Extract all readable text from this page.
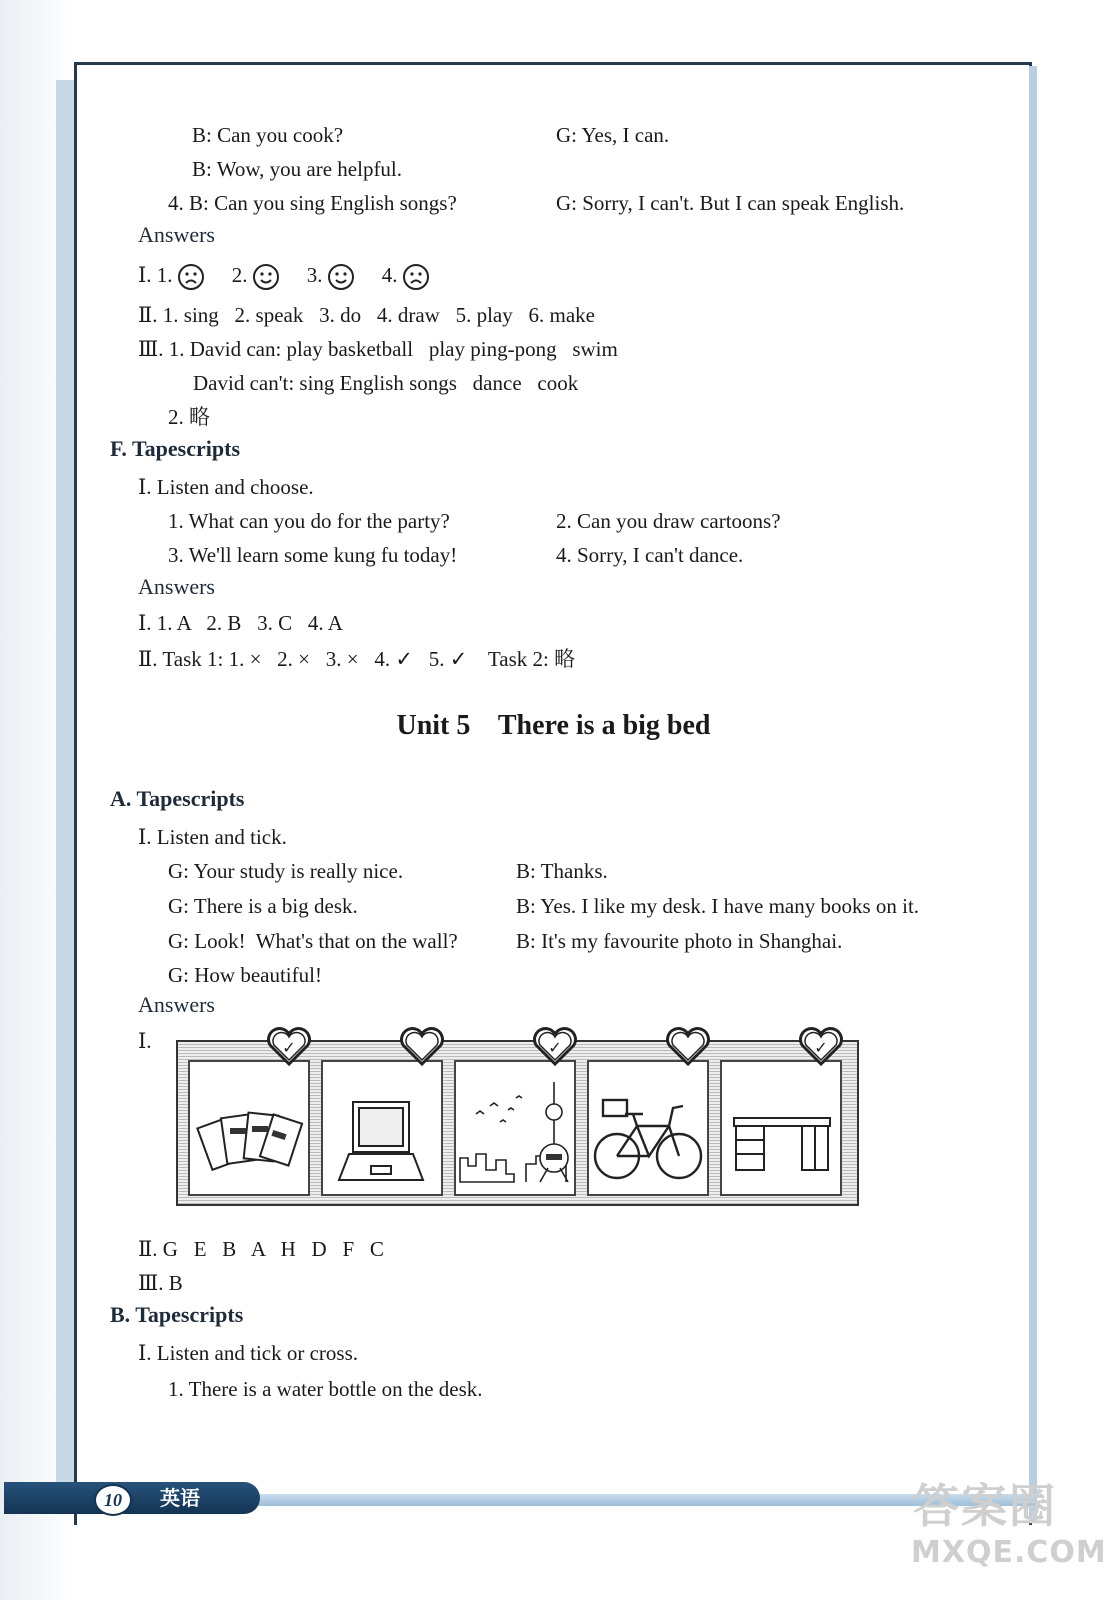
B: Can you cook?	G: Yes, I can.
B: Wow, you are helpful.
4. B: Can you sing English songs?	G: Sorry, I can't. But I can speak English.
Answers
Ⅰ. 1.	2.	3.	4.
Ⅱ. 1. sing   2. speak   3. do   4. draw   5. play   6. make
Ⅲ. 1. David can: play basketball   play ping-pong   swim
David can't: sing English songs   dance   cook
2. 略
F. Tapescripts
Ⅰ. Listen and choose.
1. What can you do for the party?	2. Can you draw cartoons?
3. We'll learn some kung fu today!	4. Sorry, I can't dance.
Answers
Ⅰ. 1. A   2. B   3. C   4. A
Ⅱ. Task 1: 1. ×   2. ×   3. ×   4. ✓   5. ✓    Task 2: 略
Unit 5    There is a big bed
A. Tapescripts
Ⅰ. Listen and tick.
G: Your study is really nice.	B: Thanks.
G: There is a big desk.	B: Yes. I like my desk. I have many books on it.
G: Look!  What's that on the wall?	B: It's my favourite photo in Shanghai.
G: How beautiful!
Answers
Ⅰ.	✓	✓	✓
Ⅱ. G   E   B   A   H   D   F   C
Ⅲ. B
B. Tapescripts
Ⅰ. Listen and tick or cross.
1. There is a water bottle on the desk.
10	英语	答案圈
MXQE.COM
